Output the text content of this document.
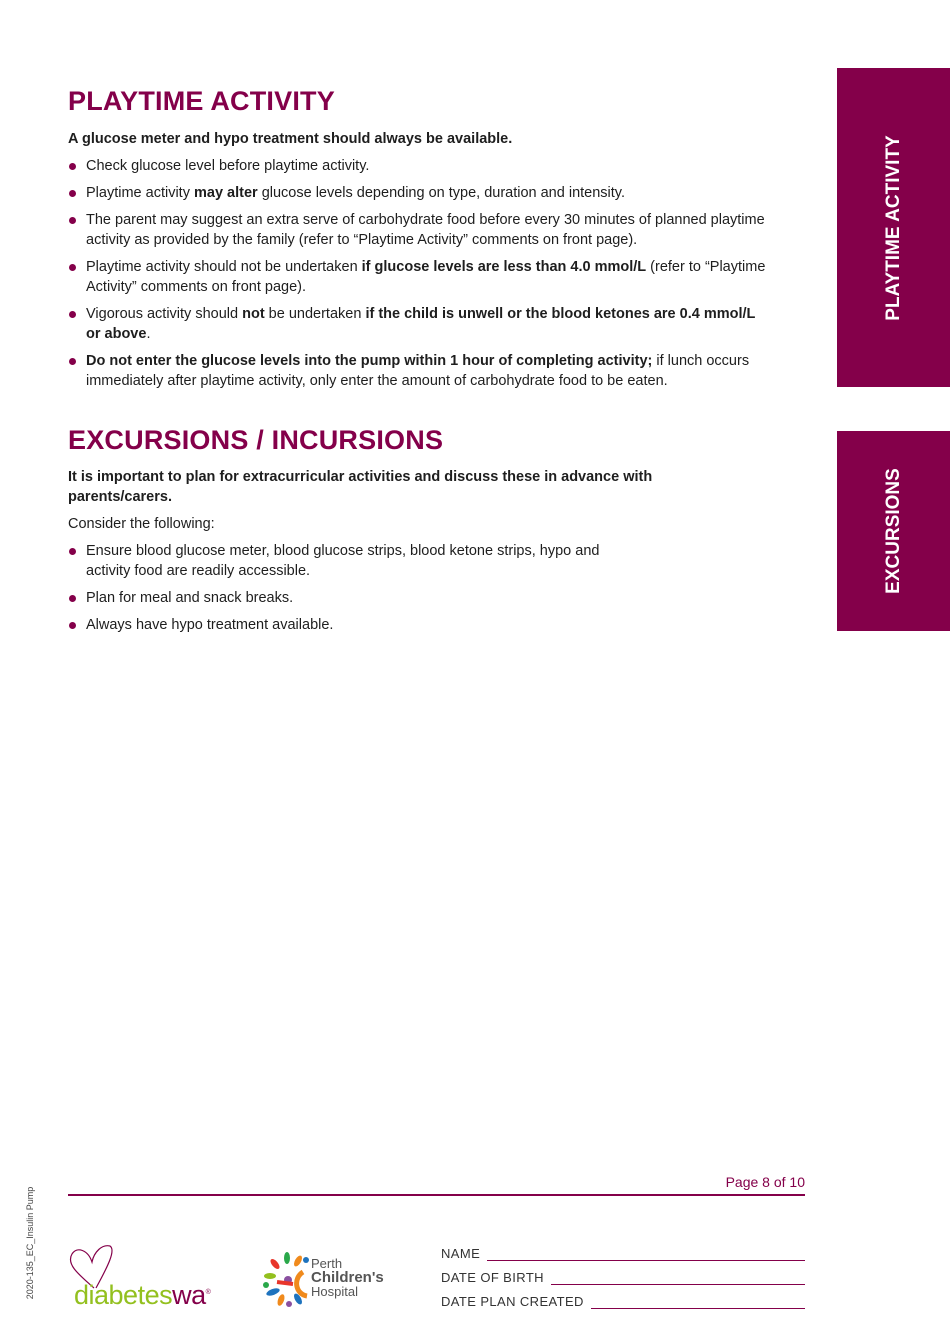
PLAYTIME ACTIVITY
A glucose meter and hypo treatment should always be available.
Check glucose level before playtime activity.
Playtime activity may alter glucose levels depending on type, duration and intensity.
The parent may suggest an extra serve of carbohydrate food before every 30 minutes of planned playtime activity as provided by the family (refer to “Playtime Activity” comments on front page).
Playtime activity should not be undertaken if glucose levels are less than 4.0 mmol/L (refer to “Playtime Activity” comments on front page).
Vigorous activity should not be undertaken if the child is unwell or the blood ketones are 0.4 mmol/L or above.
Do not enter the glucose levels into the pump within 1 hour of completing activity; if lunch occurs immediately after playtime activity, only enter the amount of carbohydrate food to be eaten.
EXCURSIONS / INCURSIONS
It is important to plan for extracurricular activities and discuss these in advance with parents/carers.
Consider the following:
Ensure blood glucose meter, blood glucose strips, blood ketone strips, hypo and activity food are readily accessible.
Plan for meal and snack breaks.
Always have hypo treatment available.
PLAYTIME ACTIVITY
EXCURSIONS
2020-135_EC_Insulin Pump
Page 8 of 10
diabeteswa®
Perth
Children's
Hospital
NAME
DATE OF BIRTH
DATE PLAN CREATED
